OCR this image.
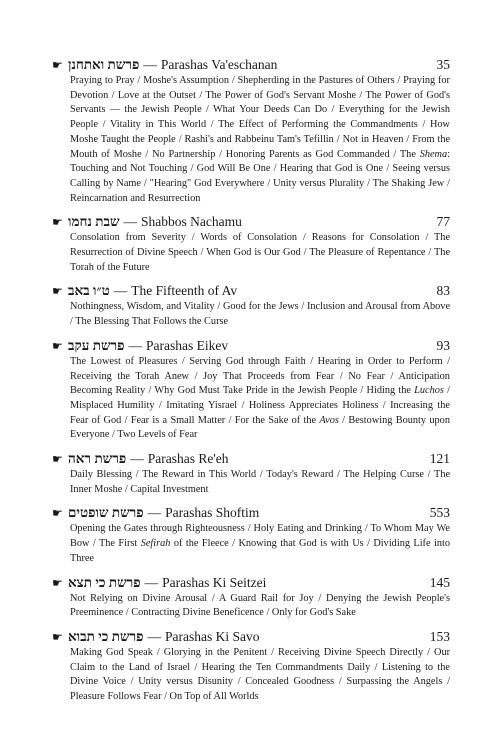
☛ פרשת ואתחנן — Parashas Va'eschanan	35
Praying to Pray / Moshe's Assumption / Shepherding in the Pastures of Others / Praying for Devotion / Love at the Outset / The Power of God's Servant Moshe / The Power of God's Servants — the Jewish People / What Your Deeds Can Do / Everything for the Jewish People / Vitality in This World / The Effect of Performing the Commandments / How Moshe Taught the People / Rashi's and Rabbeinu Tam's Tefillin / Not in Heaven / From the Mouth of Moshe / No Partnership / Honoring Parents as God Commanded / The Shema: Touching and Not Touching / God Will Be One / Hearing that God is One / Seeing versus Calling by Name / "Hearing" God Everywhere / Unity versus Plurality / The Shaking Jew / Reincarnation and Resurrection
☛ שבת נחמו — Shabbos Nachamu	77
Consolation from Severity / Words of Consolation / Reasons for Consolation / The Resurrection of Divine Speech / When God is Our God / The Pleasure of Repentance / The Torah of the Future
☛ ט״ו באב — The Fifteenth of Av	83
Nothingness, Wisdom, and Vitality / Good for the Jews / Inclusion and Arousal from Above / The Blessing That Follows the Curse
☛ פרשת עקב — Parashas Eikev	93
The Lowest of Pleasures / Serving God through Faith / Hearing in Order to Perform / Receiving the Torah Anew / Joy That Proceeds from Fear / No Fear / Anticipation Becoming Reality / Why God Must Take Pride in the Jewish People / Hiding the Luchos / Misplaced Humility / Imitating Yisrael / Holiness Appreciates Holiness / Increasing the Fear of God / Fear is a Small Matter / For the Sake of the Avos / Bestowing Bounty upon Everyone / Two Levels of Fear
☛ פרשת ראה — Parashas Re'eh	121
Daily Blessing / The Reward in This World / Today's Reward / The Helping Curse / The Inner Moshe / Capital Investment
☛ פרשת שופטים — Parashas Shoftim	553
Opening the Gates through Righteousness / Holy Eating and Drinking / To Whom May We Bow / The First Sefirah of the Fleece / Knowing that God is with Us / Dividing Life into Three
☛ פרשת כי תצא — Parashas Ki Seitzei	145
Not Relying on Divine Arousal / A Guard Rail for Joy / Denying the Jewish People's Preeminence / Contracting Divine Beneficence / Only for God's Sake
☛ פרשת כי תבוא — Parashas Ki Savo	153
Making God Speak / Glorying in the Penitent / Receiving Divine Speech Directly / Our Claim to the Land of Israel / Hearing the Ten Commandments Daily / Listening to the Divine Voice / Unity versus Disunity / Concealed Goodness / Surpassing the Angels / Pleasure Follows Fear / On Top of All Worlds
